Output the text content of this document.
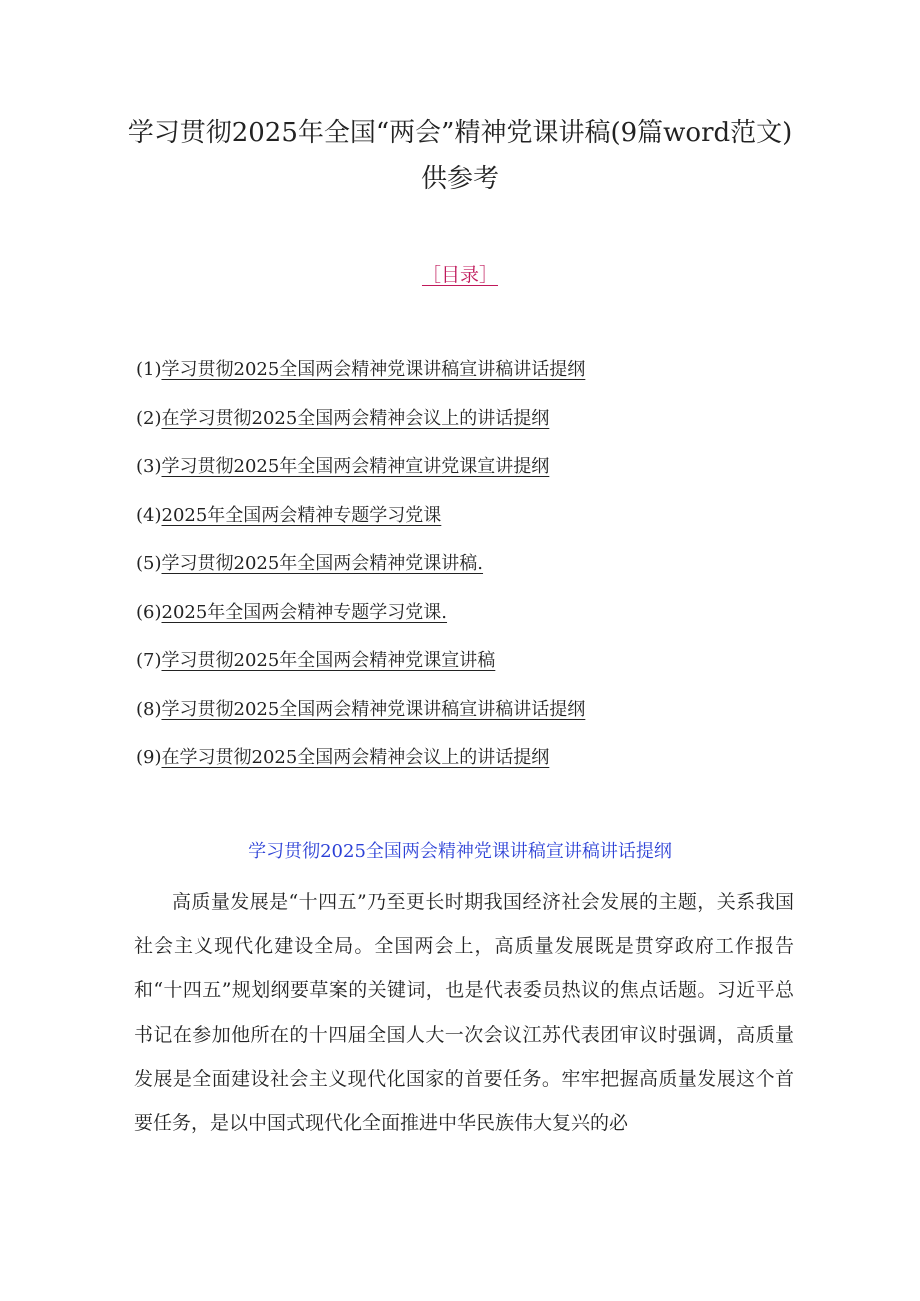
学习贯彻2025年全国“两会”精神党课讲稿(9篇word范文)供参考
［目录］
(1)学习贯彻2025全国两会精神党课讲稿宣讲稿讲话提纲
(2)在学习贯彻2025全国两会精神会议上的讲话提纲
(3)学习贯彻2025年全国两会精神宣讲党课宣讲提纲
(4)2025年全国两会精神专题学习党课
(5)学习贯彻2025年全国两会精神党课讲稿.
(6)2025年全国两会精神专题学习党课.
(7)学习贯彻2025年全国两会精神党课宣讲稿
(8)学习贯彻2025全国两会精神党课讲稿宣讲稿讲话提纲
(9)在学习贯彻2025全国两会精神会议上的讲话提纲
学习贯彻2025全国两会精神党课讲稿宣讲稿讲话提纲

高质量发展是“十四五”乃至更长时期我国经济社会发展的主题，关系我国社会主义现代化建设全局。全国两会上，高质量发展既是贯穿政府工作报告和“十四五”规划纲要草案的关键词，也是代表委员热议的焦点话题。习近平总书记在参加他所在的十四届全国人大一次会议江苏代表团审议时强调，高质量发展是全面建设社会主义现代化国家的首要任务。牢牢把握高质量发展这个首要任务，是以中国式现代化全面推进中华民族伟大复兴的必
